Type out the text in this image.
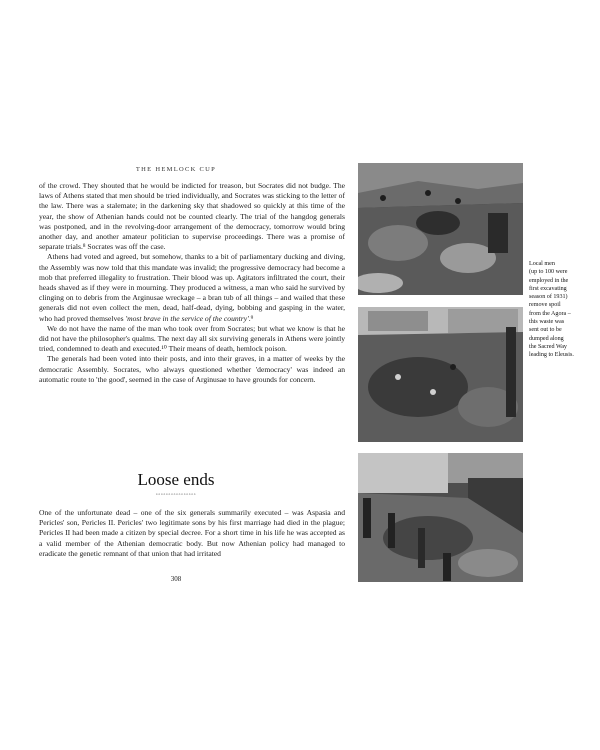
THE HEMLOCK CUP

of the crowd. They shouted that he would be indicted for treason, but Socrates did not budge. The laws of Athens stated that men should be tried individually, and Socrates was sticking to the letter of the law. There was a stalemate; in the darkening sky that shadowed so quickly at this time of the year, the show of Athenian hands could not be counted clearly. The trial of the hangdog generals was postponed, and in the revolving-door arrangement of the democracy, tomorrow would bring another day, and another amateur politician to supervise proceedings. There was a promise of separate trials.⁸ Socrates was off the case.

Athens had voted and agreed, but somehow, thanks to a bit of parliamentary ducking and diving, the Assembly was now told that this mandate was invalid; the progressive democracy had become a mob that preferred illegality to frustration. Their blood was up. Agitators infiltrated the court, their heads shaved as if they were in mourning. They produced a witness, a man who said he survived by clinging on to debris from the Arginusae wreckage – a bran tub of all things – and wailed that these generals did not even collect the men, dead, half-dead, dying, bobbing and gasping in the water, who had proved themselves 'most brave in the service of the country'.⁹

We do not have the name of the man who took over from Socrates; but what we know is that he did not have the philosopher's qualms. The next day all six surviving generals in Athens were jointly tried, condemned to death and executed.¹⁰ Their means of death, hemlock poison.

The generals had been voted into their posts, and into their graves, in a matter of weeks by the democratic Assembly. Socrates, who always questioned whether 'democracy' was indeed an automatic route to 'the good', seemed in the case of Arginusae to have grounds for concern.

Loose ends
◦◦◦◦◦◦◦◦◦◦◦◦◦◦◦◦

One of the unfortunate dead – one of the six generals summarily executed – was Aspasia and Pericles' son, Pericles II. Pericles' two legitimate sons by his first marriage had died in the plague; Pericles II had been made a citizen by special decree. For a short time in his life he was accepted as a valid member of the Athenian democratic body. But now Athenian policy had managed to eradicate the genetic remnant of that union that had irritated

308
Local men
(up to 100 were
employed in the
first excavating
season of 1931)
remove spoil
from the Agora –
this waste was
sent out to be
dumped along
the Sacred Way
leading to Eleusis.
